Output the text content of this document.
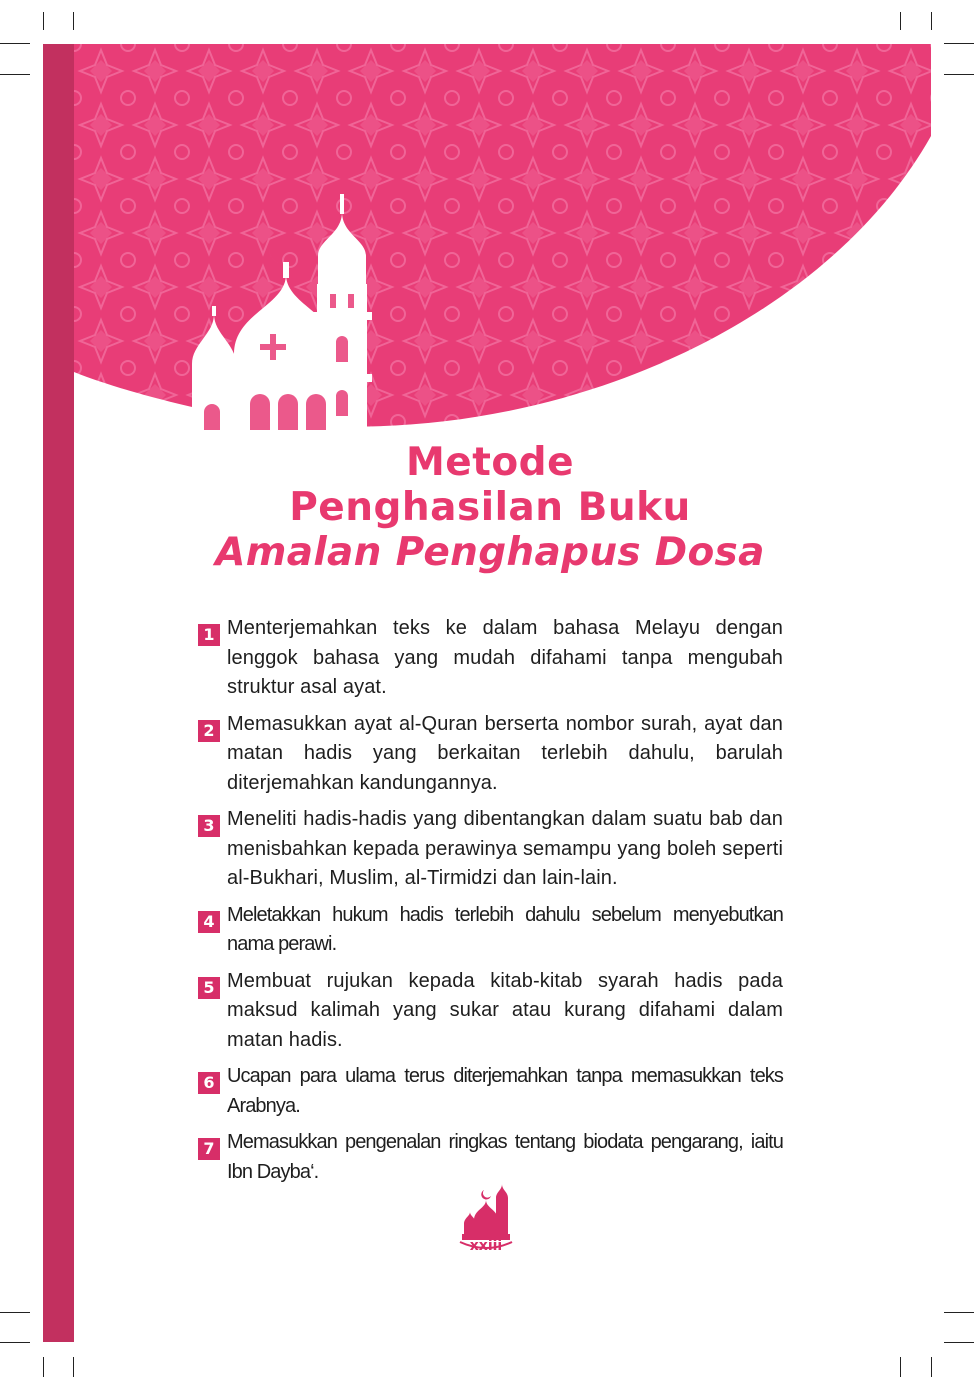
Metode
Penghasilan Buku
Amalan Penghapus Dosa
1 Menterjemahkan teks ke dalam bahasa Melayu dengan lenggok bahasa yang mudah difahami tanpa mengubah struktur asal ayat.
2 Memasukkan ayat al-Quran berserta nombor surah, ayat dan matan hadis yang berkaitan terlebih dahulu, barulah diterjemahkan kandungannya.
3 Meneliti hadis-hadis yang dibentangkan dalam suatu bab dan menisbahkan kepada perawinya semampu yang boleh seperti al-Bukhari, Muslim, al-Tirmidzi dan lain-lain.
4 Meletakkan hukum hadis terlebih dahulu sebelum menyebutkan nama perawi.
5 Membuat rujukan kepada kitab-kitab syarah hadis pada maksud kalimah yang sukar atau kurang difahami dalam matan hadis.
6 Ucapan para ulama terus diterjemahkan tanpa memasukkan teks Arabnya.
7 Memasukkan pengenalan ringkas tentang biodata pengarang, iaitu Ibn Dayba‘.
xxiii
